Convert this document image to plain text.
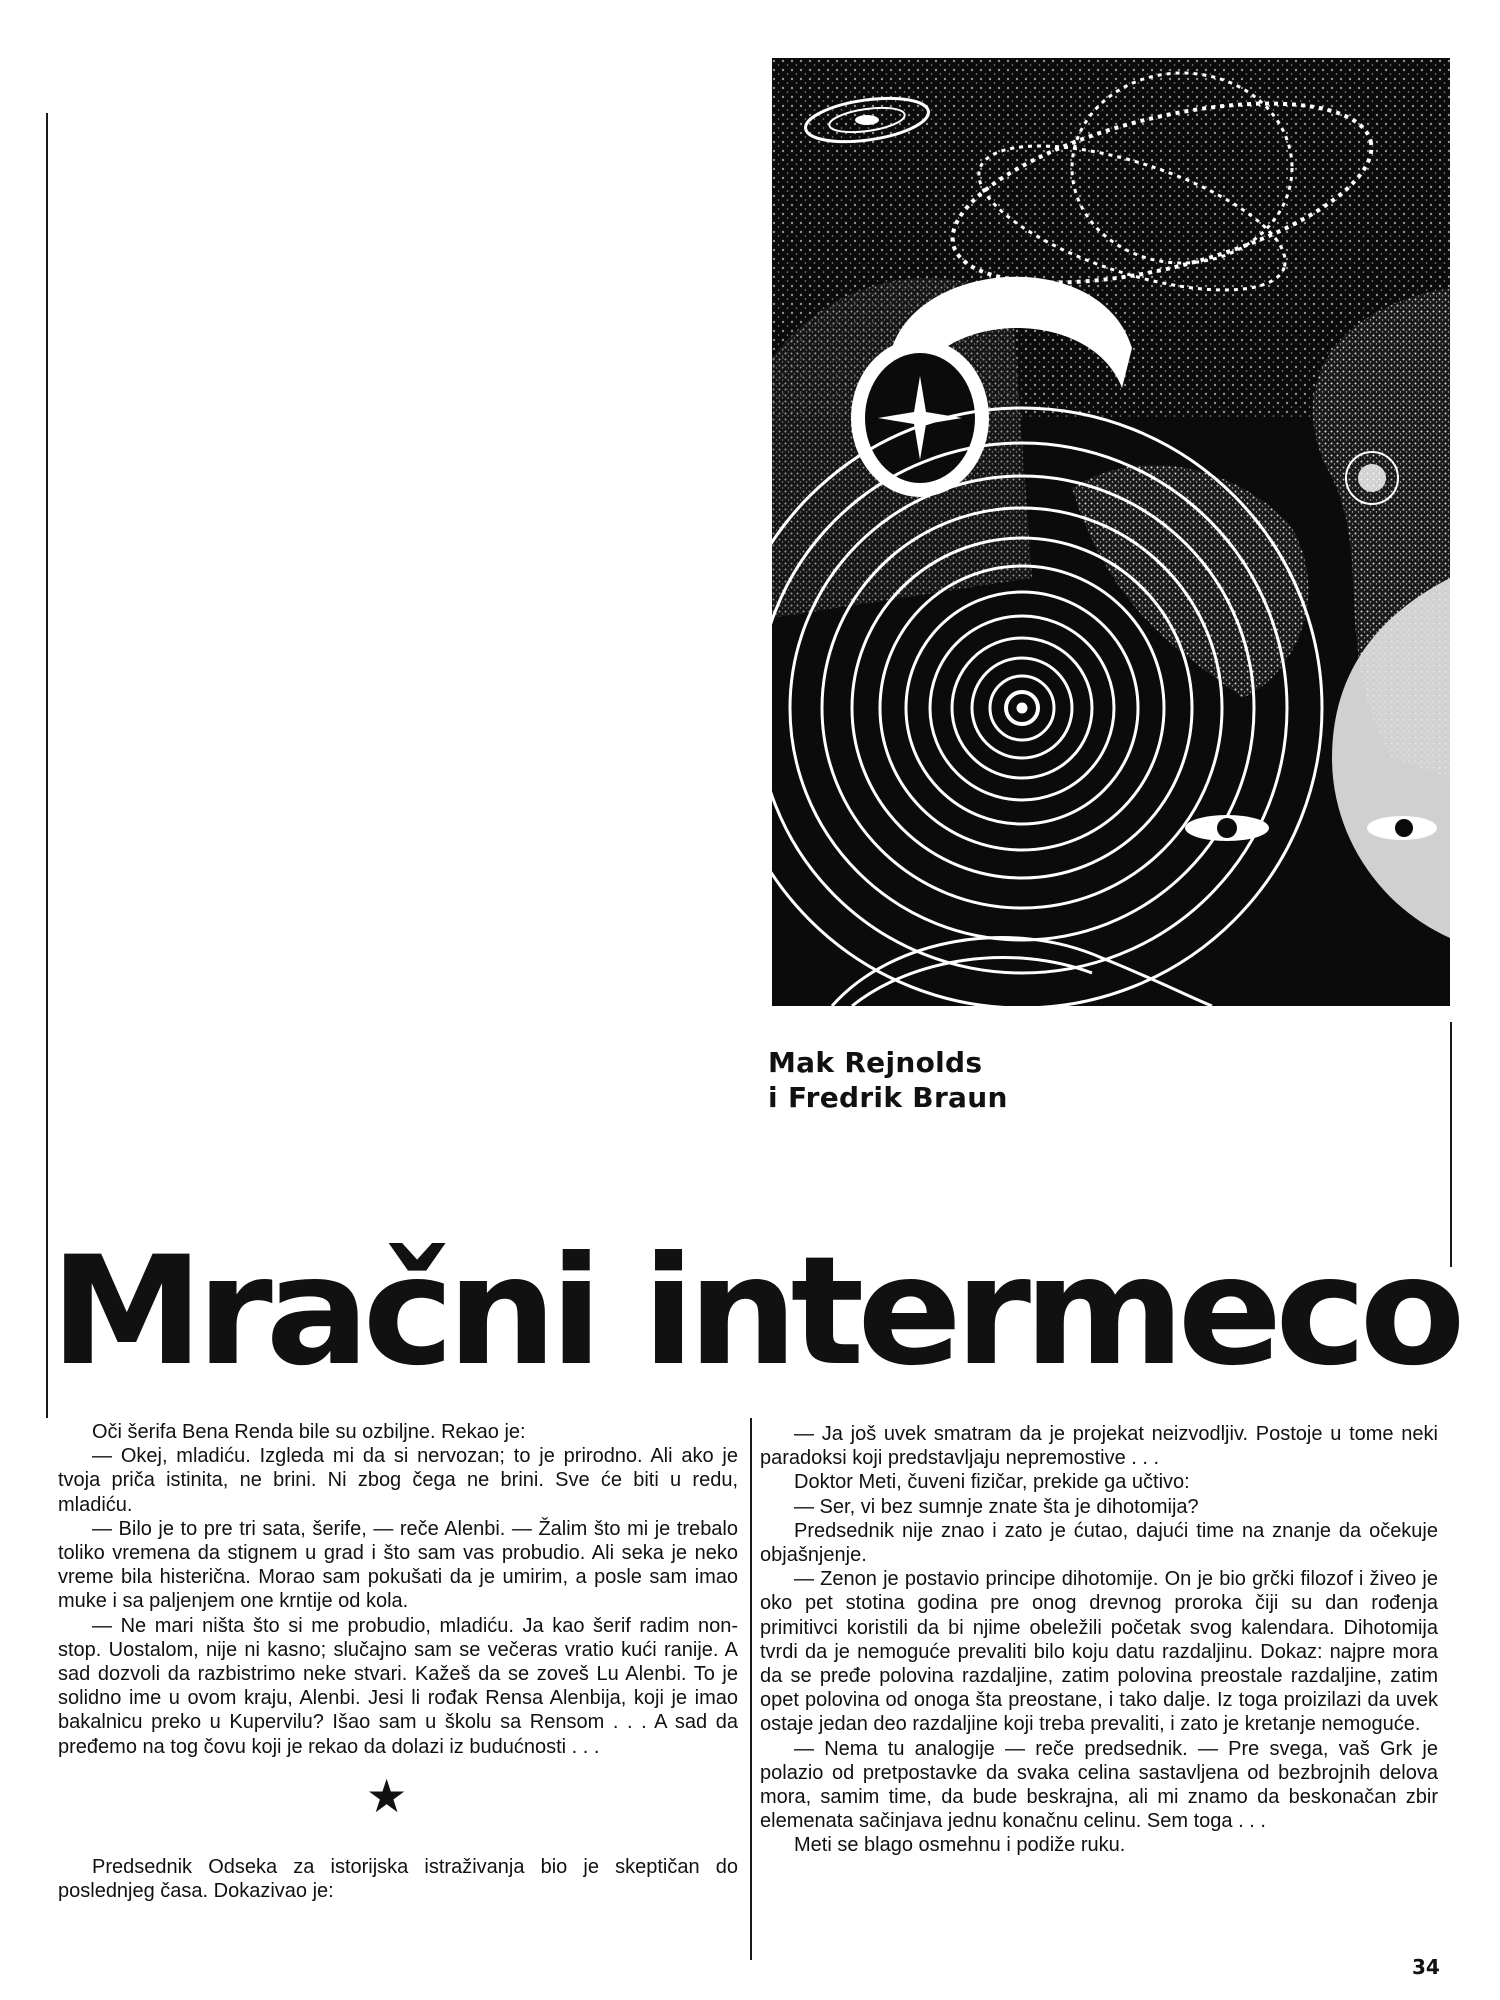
Mak Rejnolds
i Fredrik Braun
Mračni intermeco

Oči šerifa Bena Renda bile su ozbiljne. Rekao je:

— Okej, mladiću. Izgleda mi da si nervozan; to je prirodno. Ali ako je tvoja priča istinita, ne brini. Ni zbog čega ne brini. Sve će biti u redu, mladiću.

— Bilo je to pre tri sata, šerife, — reče Alenbi. — Žalim što mi je trebalo toliko vremena da stignem u grad i što sam vas probudio. Ali seka je neko vreme bila histerična. Morao sam pokušati da je umirim, a posle sam imao muke i sa paljenjem one krntije od kola.

— Ne mari ništa što si me probudio, mladiću. Ja kao šerif radim non-stop. Uostalom, nije ni kasno; slučajno sam se večeras vratio kući ranije. A sad dozvoli da razbistrimo neke stvari. Kažeš da se zoveš Lu Alenbi. To je solidno ime u ovom kraju, Alenbi. Jesi li rođak Rensa Alenbija, koji je imao bakalnicu preko u Kupervilu? Išao sam u školu sa Rensom . . . A sad da pređemo na tog čovu koji je rekao da dolazi iz budućnosti . . .

★

Predsednik Odseka za istorijska istraživanja bio je skeptičan do poslednjeg časa. Dokazivao je:

— Ja još uvek smatram da je projekat neizvodljiv. Postoje u tome neki paradoksi koji predstavljaju nepremostive . . .

Doktor Meti, čuveni fizičar, prekide ga učtivo:

— Ser, vi bez sumnje znate šta je dihotomija?

Predsednik nije znao i zato je ćutao, dajući time na znanje da očekuje objašnjenje.

— Zenon je postavio principe dihotomije. On je bio grčki filozof i živeo je oko pet stotina godina pre onog drevnog proroka čiji su dan rođenja primitivci koristili da bi njime obeležili početak svog kalendara. Dihotomija tvrdi da je nemoguće prevaliti bilo koju datu razdaljinu. Dokaz: najpre mora da se pređe polovina razdaljine, zatim polovina preostale razdaljine, zatim opet polovina od onoga šta preostane, i tako dalje. Iz toga proizilazi da uvek ostaje jedan deo razdaljine koji treba prevaliti, i zato je kretanje nemoguće.

— Nema tu analogije — reče predsednik. — Pre svega, vaš Grk je polazio od pretpostavke da svaka celina sastavljena od bezbrojnih delova mora, samim time, da bude beskrajna, ali mi znamo da beskonačan zbir elemenata sačinjava jednu konačnu celinu. Sem toga . . .

Meti se blago osmehnu i podiže ruku.

34
